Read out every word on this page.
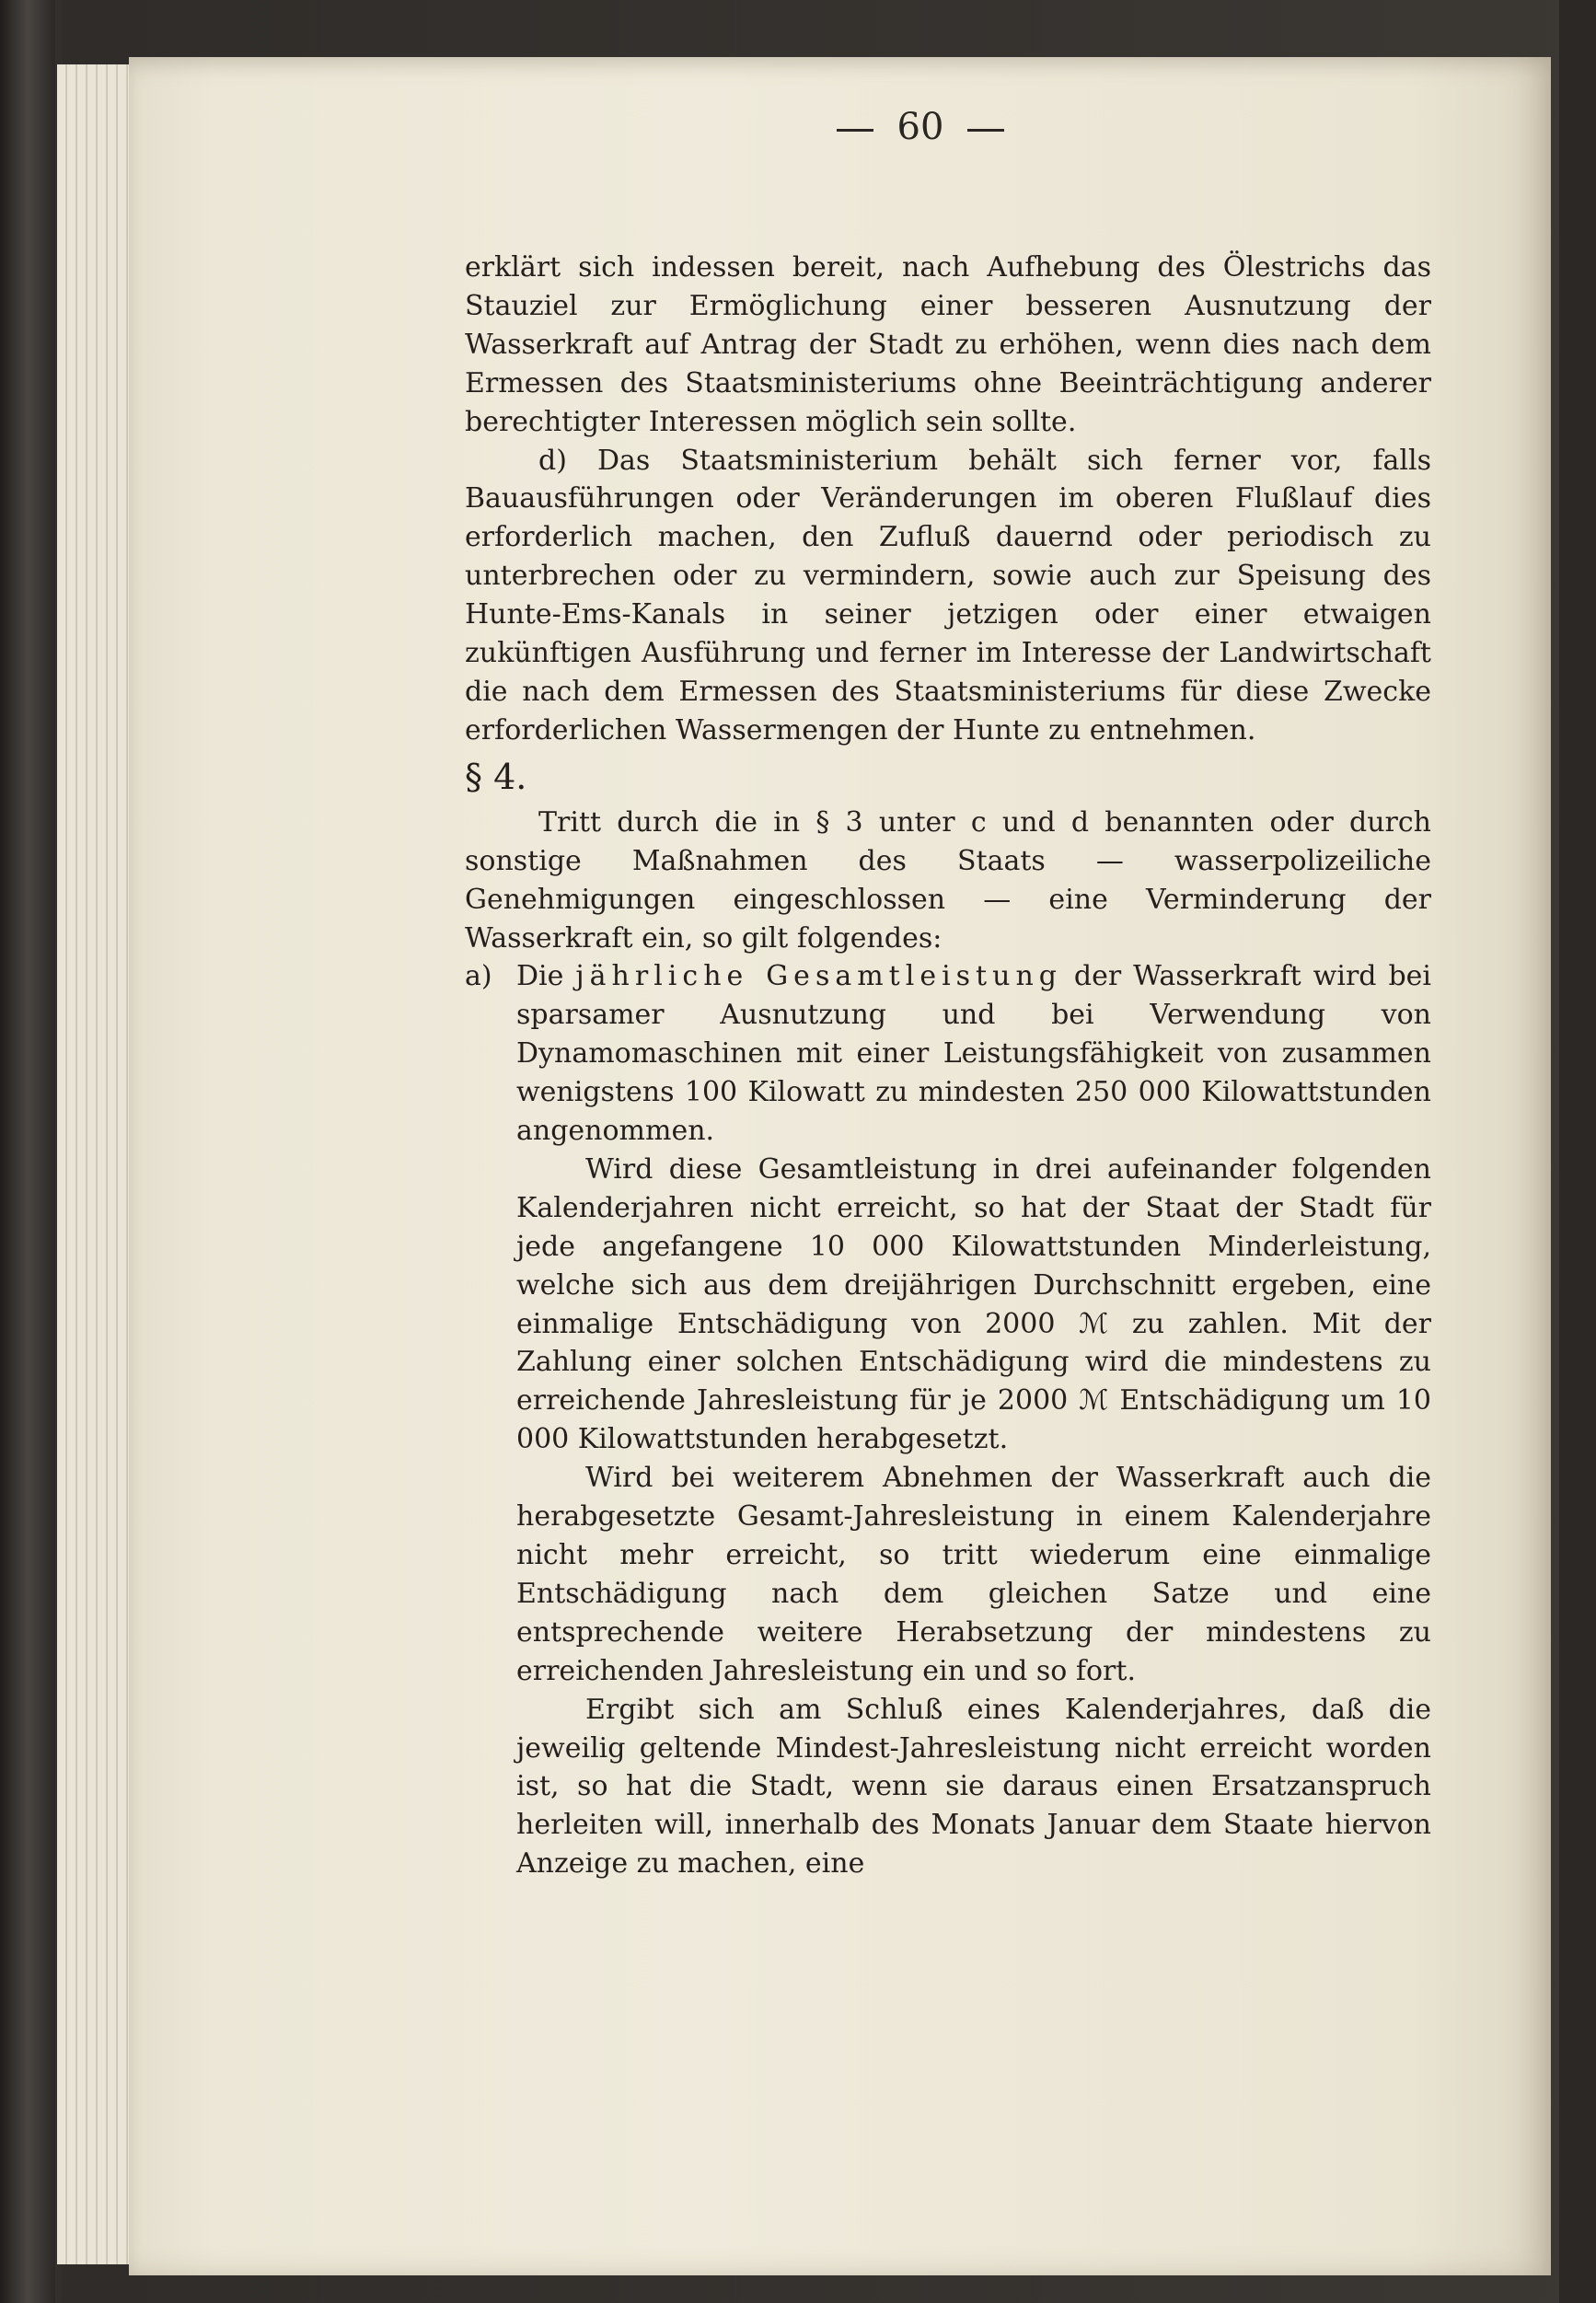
60

erklärt sich indessen bereit, nach Aufhebung des Ölestrichs das Stauziel zur Ermöglichung einer besseren Ausnutzung der Wasserkraft auf Antrag der Stadt zu erhöhen, wenn dies nach dem Ermessen des Staatsministeriums ohne Beeinträchtigung anderer berechtigter Interessen möglich sein sollte.

d) Das Staatsministerium behält sich ferner vor, falls Bauausführungen oder Veränderungen im oberen Flußlauf dies erforderlich machen, den Zufluß dauernd oder periodisch zu unterbrechen oder zu vermindern, sowie auch zur Speisung des Hunte-Ems-Kanals in seiner jetzigen oder einer etwaigen zukünftigen Ausführung und ferner im Interesse der Landwirtschaft die nach dem Ermessen des Staatsministeriums für diese Zwecke erforderlichen Wassermengen der Hunte zu entnehmen.

§ 4.

Tritt durch die in § 3 unter c und d benannten oder durch sonstige Maßnahmen des Staats — wasserpolizeiliche Genehmigungen eingeschlossen — eine Verminderung der Wasserkraft ein, so gilt folgendes:

a) Die jährliche Gesamtleistung der Wasserkraft wird bei sparsamer Ausnutzung und bei Verwendung von Dynamomaschinen mit einer Leistungsfähigkeit von zusammen wenigstens 100 Kilowatt zu mindesten 250 000 Kilowattstunden angenommen.

Wird diese Gesamtleistung in drei aufeinander folgenden Kalenderjahren nicht erreicht, so hat der Staat der Stadt für jede angefangene 10 000 Kilowattstunden Minderleistung, welche sich aus dem dreijährigen Durchschnitt ergeben, eine einmalige Entschädigung von 2000 ℳ zu zahlen. Mit der Zahlung einer solchen Entschädigung wird die mindestens zu erreichende Jahresleistung für je 2000 ℳ Entschädigung um 10 000 Kilowattstunden herabgesetzt.

Wird bei weiterem Abnehmen der Wasserkraft auch die herabgesetzte Gesamt-Jahresleistung in einem Kalenderjahre nicht mehr erreicht, so tritt wiederum eine einmalige Entschädigung nach dem gleichen Satze und eine entsprechende weitere Herabsetzung der mindestens zu erreichenden Jahresleistung ein und so fort.

Ergibt sich am Schluß eines Kalenderjahres, daß die jeweilig geltende Mindest-Jahresleistung nicht erreicht worden ist, so hat die Stadt, wenn sie daraus einen Ersatzanspruch herleiten will, innerhalb des Monats Januar dem Staate hiervon Anzeige zu machen, eine
